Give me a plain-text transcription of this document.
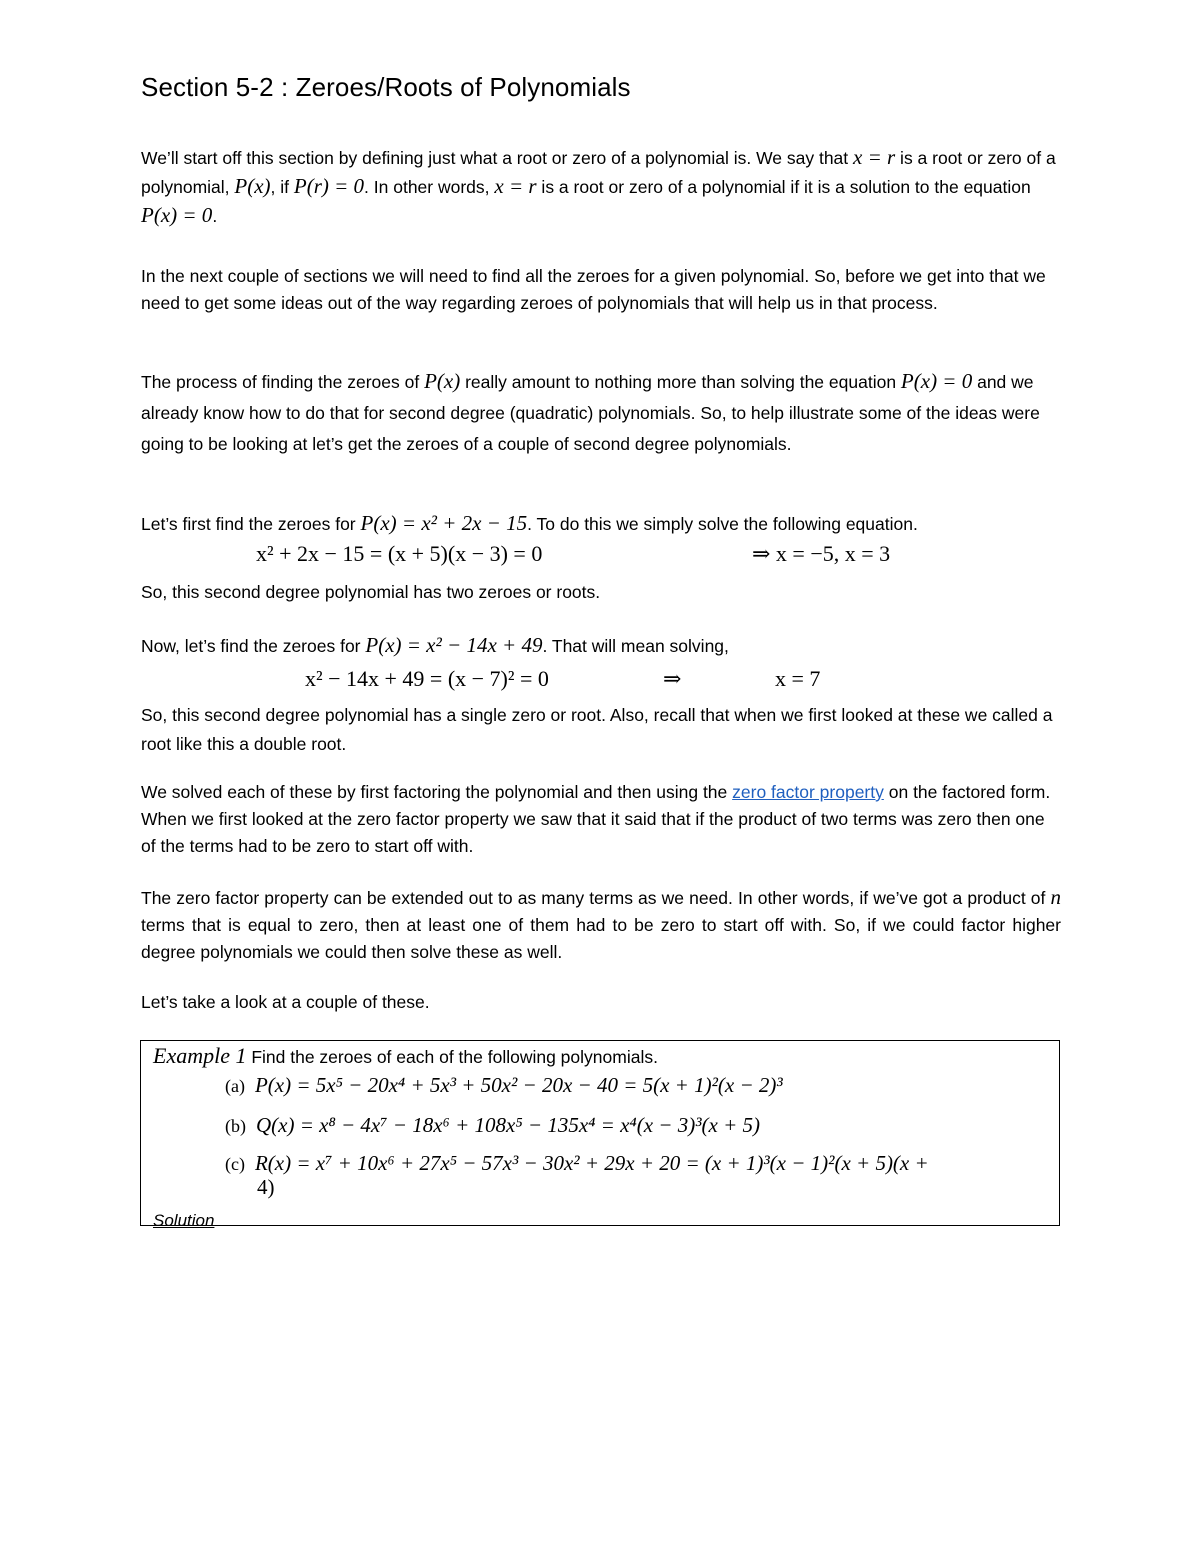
Section 5-2 : Zeroes/Roots of Polynomials

We’ll start off this section by defining just what a root or zero of a polynomial is. We say that x = r is a root or zero of a polynomial, P(x), if P(r) = 0. In other words, x = r is a root or zero of a polynomial if it is a solution to the equation P(x) = 0.

In the next couple of sections we will need to find all the zeroes for a given polynomial. So, before we get into that we need to get some ideas out of the way regarding zeroes of polynomials that will help us in that process.

The process of finding the zeroes of P(x) really amount to nothing more than solving the equation P(x) = 0 and we already know how to do that for second degree (quadratic) polynomials. So, to help illustrate some of the ideas were going to be looking at let’s get the zeroes of a couple of second degree polynomials.

Let’s first find the zeroes for P(x) = x² + 2x − 15. To do this we simply solve the following equation.

x² + 2x − 15 = (x + 5)(x − 3) = 0	⇒ x = −5, x = 3

So, this second degree polynomial has two zeroes or roots.

Now, let’s find the zeroes for P(x) = x² − 14x + 49. That will mean solving,

x² − 14x + 49 = (x − 7)² = 0	⇒	x = 7

So, this second degree polynomial has a single zero or root. Also, recall that when we first looked at these we called a root like this a double root.

We solved each of these by first factoring the polynomial and then using the zero factor property on the factored form. When we first looked at the zero factor property we saw that it said that if the product of two terms was zero then one of the terms had to be zero to start off with.

The zero factor property can be extended out to as many terms as we need. In other words, if we’ve got a product of n terms that is equal to zero, then at least one of them had to be zero to start off with. So, if we could factor higher degree polynomials we could then solve these as well.

Let’s take a look at a couple of these.

Example 1 Find the zeroes of each of the following polynomials.
(a) P(x) = 5x⁵ − 20x⁴ + 5x³ + 50x² − 20x − 40 = 5(x + 1)²(x − 2)³
(b) Q(x) = x⁸ − 4x⁷ − 18x⁶ + 108x⁵ − 135x⁴ = x⁴(x − 3)³(x + 5)
(c) R(x) = x⁷ + 10x⁶ + 27x⁵ − 57x³ − 30x² + 29x + 20 = (x + 1)³(x − 1)²(x + 5)(x +
4)
Solution
